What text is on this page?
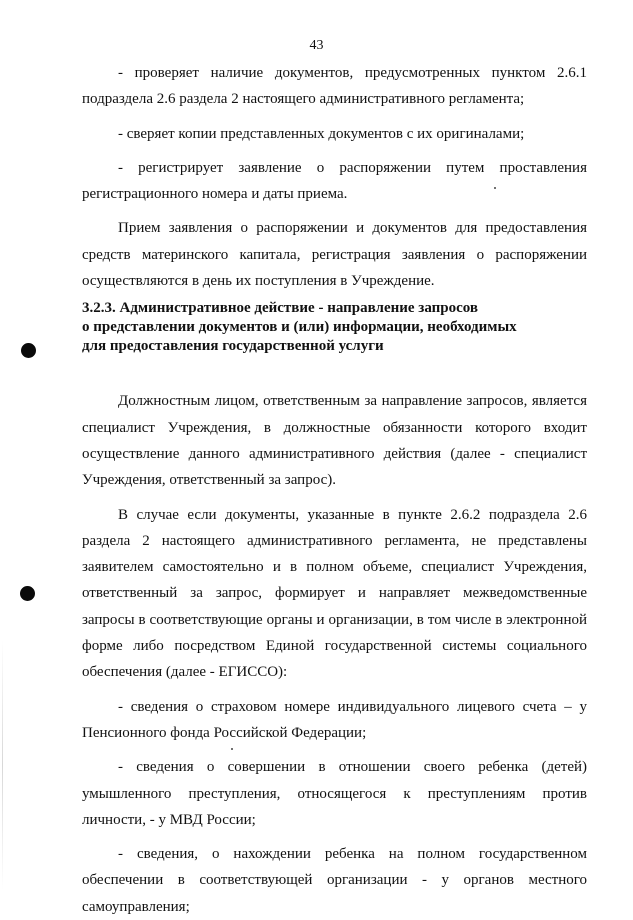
43

- проверяет наличие документов, предусмотренных пунктом 2.6.1 подраздела 2.6 раздела 2 настоящего административного регламента;

- сверяет копии представленных документов с их оригиналами;

- регистрирует заявление о распоряжении путем проставления регистрационного номера и даты приема.

Прием заявления о распоряжении и документов для предоставления средств материнского капитала, регистрация заявления о распоряжении осуществляются в день их поступления в Учреждение.

3.2.3. Административное действие - направление запросов

о представлении документов и (или) информации, необходимых

для предоставления государственной услуги

Должностным лицом, ответственным за направление запросов, является специалист Учреждения, в должностные обязанности которого входит осуществление данного административного действия (далее - специалист Учреждения, ответственный за запрос).

В случае если документы, указанные в пункте 2.6.2 подраздела 2.6 раздела 2 настоящего административного регламента, не представлены заявителем самостоятельно и в полном объеме, специалист Учреждения, ответственный за запрос, формирует и направляет межведомственные запросы в соответствующие органы и организации, в том числе в электронной форме либо посредством Единой государственной системы социального обеспечения (далее - ЕГИССО):

- сведения о страховом номере индивидуального лицевого счета – у Пенсионного фонда Российской Федерации;

- сведения о совершении в отношении своего ребенка (детей) умышленного преступления, относящегося к преступлениям против личности, - у МВД России;

- сведения, о нахождении ребенка на полном государственном обеспечении в соответствующей организации - у органов местного самоуправления;
